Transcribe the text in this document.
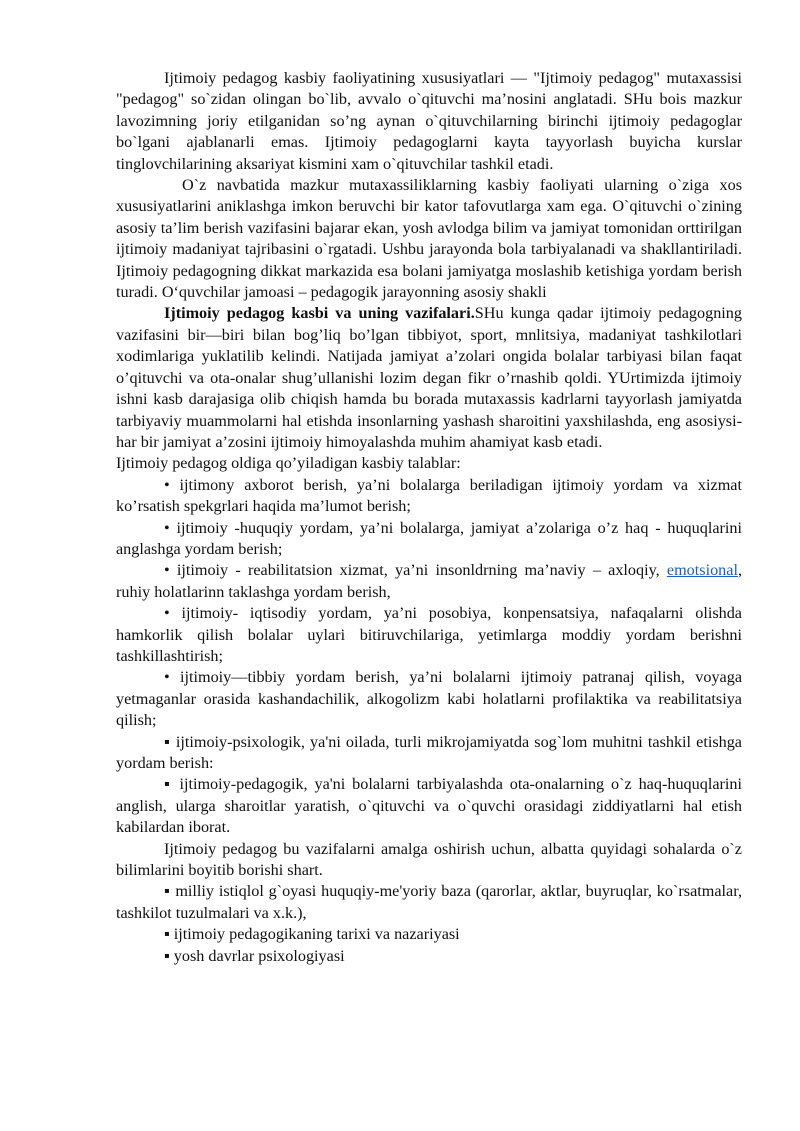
Ijtimoiy pedagog kasbiy faoliyatining xususiyatlari — "Ijtimoiy pedagog" mutaxassisi "pedagog" so`zidan olingan bo`lib, avvalo o`qituvchi ma’nosini anglatadi. SHu bois mazkur lavozimning joriy etilganidan so’ng aynan o`qituvchilarning birinchi ijtimoiy pedagoglar bo`lgani ajablanarli emas. Ijtimoiy pedagoglarni kayta tayyorlash buyicha kurslar tinglovchilarining aksariyat kismini xam o`qituvchilar tashkil etadi.

O`z navbatida mazkur mutaxassiliklarning kasbiy faoliyati ularning o`ziga xos xususiyatlarini aniklashga imkon beruvchi bir kator tafovutlarga xam ega. O`qituvchi o`zining asosiy ta’lim berish vazifasini bajarar ekan, yosh avlodga bilim va jamiyat tomonidan orttirilgan ijtimoiy madaniyat tajribasini o`rgatadi. Ushbu jarayonda bola tarbiyalanadi va shakllantiriladi. Ijtimoiy pedagogning dikkat markazida esa bolani jamiyatga moslashib ketishiga yordam berish turadi. O‘quvchilar jamoasi – pedagogik jarayonning asosiy shakli

Ijtimoiy pedagog kasbi va uning vazifalari.SHu kunga qadar ijtimoiy pedagogning vazifasini bir—biri bilan bog’liq bo’lgan tibbiyot, sport, mnlitsiya, madaniyat tashkilotlari xodimlariga yuklatilib kelindi. Natijada jamiyat a’zolari ongida bolalar tarbiyasi bilan faqat o’qituvchi va ota-onalar shug’ullanishi lozim degan fikr o’rnashib qoldi. YUrtimizda ijtimoiy ishni kasb darajasiga olib chiqish hamda bu borada mutaxassis kadrlarni tayyorlash jamiyatda tarbiyaviy muammolarni hal etishda insonlarning yashash sharoitini yaxshilashda, eng asosiysi- har bir jamiyat a’zosini ijtimoiy himoyalashda muhim ahamiyat kasb etadi.

Ijtimoiy pedagog oldiga qo’yiladigan kasbiy talablar:

• ijtimony axborot berish, ya’ni bolalarga beriladigan ijtimoiy yordam va xizmat ko’rsatish spekgrlari haqida ma’lumot berish;

• ijtimoiy -huquqiy yordam, ya’ni bolalarga, jamiyat a’zolariga o’z haq - huquqlarini anglashga yordam berish;

• ijtimoiy - reabilitatsion xizmat, ya’ni insonldrning ma’naviy – axloqiy, emotsional, ruhiy holatlarinn taklashga yordam berish,

• ijtimoiy- iqtisodiy yordam, ya’ni posobiya, konpensatsiya, nafaqalarni olishda hamkorlik qilish bolalar uylari bitiruvchilariga, yetimlarga moddiy yordam berishni tashkillashtirish;

• ijtimoiy—tibbiy yordam berish, ya’ni bolalarni ijtimoiy patranaj qilish, voyaga yetmaganlar orasida kashandachilik, alkogolizm kabi holatlarni profilaktika va reabilitatsiya qilish;

▪ ijtimoiy-psixologik, ya'ni oilada, turli mikrojamiyatda sog`lom muhitni tashkil etishga yordam berish:

▪ ijtimoiy-pedagogik, ya'ni bolalarni tarbiyalashda ota-onalarning o`z haq-huquqlarini anglish, ularga sharoitlar yaratish, o`qituvchi va o`quvchi orasidagi ziddiyatlarni hal etish kabilardan iborat.

Ijtimoiy pedagog bu vazifalarni amalga oshirish uchun, albatta quyidagi sohalarda o`z bilimlarini boyitib borishi shart.

▪ milliy istiqlol g`oyasi huquqiy-me'yoriy baza (qarorlar, aktlar, buyruqlar, ko`rsatmalar, tashkilot tuzulmalari va x.k.),

▪ ijtimoiy pedagogikaning tarixi va nazariyasi

▪ yosh davrlar psixologiyasi
